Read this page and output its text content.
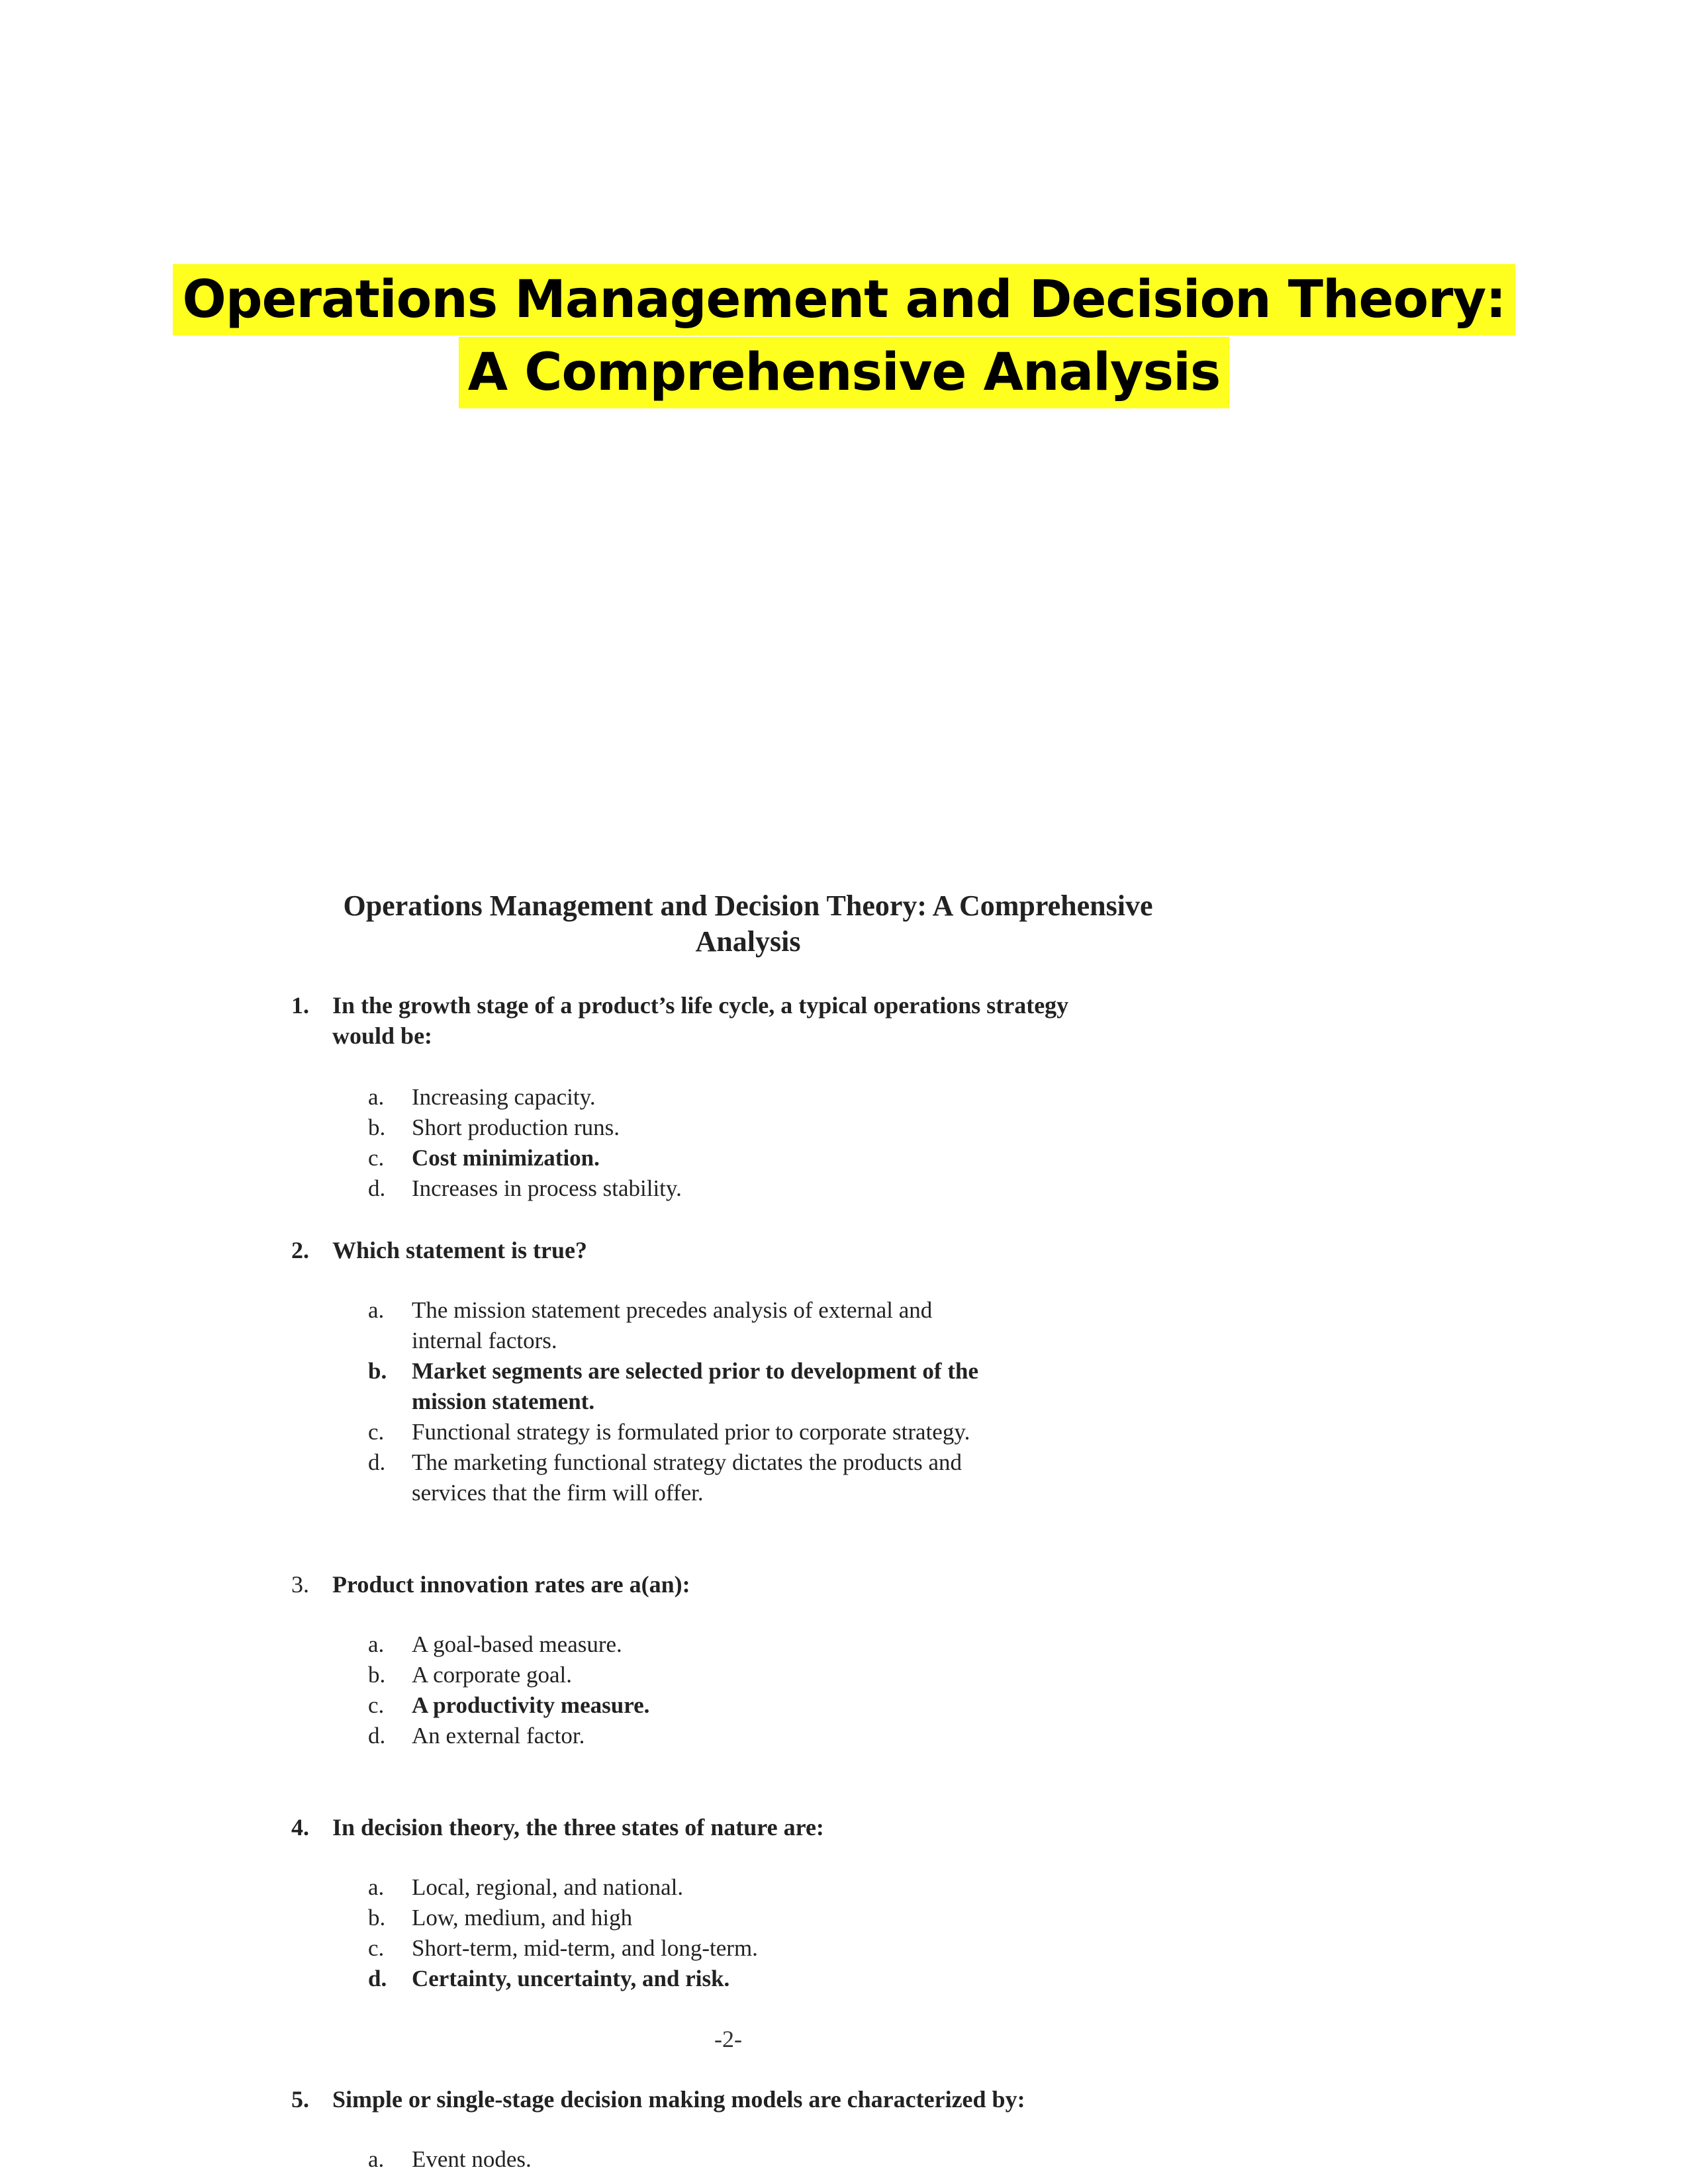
Operations Management and Decision Theory:
A Comprehensive Analysis
Operations Management and Decision Theory: A Comprehensive
Analysis
1. In the growth stage of a product’s life cycle, a typical operations strategy
would be:
a. Increasing capacity.
b. Short production runs.
c. Cost minimization.
d. Increases in process stability.
2. Which statement is true?
a. The mission statement precedes analysis of external and
internal factors.
b. Market segments are selected prior to development of the
mission statement.
c. Functional strategy is formulated prior to corporate strategy.
d. The marketing functional strategy dictates the products and
services that the firm will offer.
3. Product innovation rates are a(an):
a. A goal-based measure.
b. A corporate goal.
c. A productivity measure.
d. An external factor.
4. In decision theory, the three states of nature are:
a. Local, regional, and national.
b. Low, medium, and high
c. Short-term, mid-term, and long-term.
d. Certainty, uncertainty, and risk.
-2-
5. Simple or single-stage decision making models are characterized by:
a. Event nodes.
